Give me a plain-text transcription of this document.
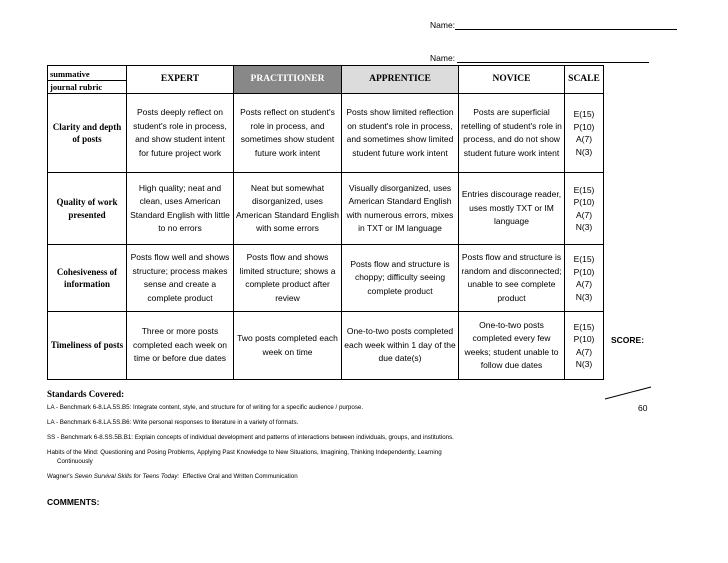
Name:
Name:
summative
journal rubric	EXPERT	PRACTITIONER	APPRENTICE	NOVICE	SCALE
Clarity and depth of posts	Posts deeply reflect on student's role in process, and show student intent for future project work	Posts reflect on student's role in process, and sometimes show student future work intent	Posts show limited reflection on student's role in process, and sometimes show limited student future work intent	Posts are superficial retelling of student's role in process, and do not show student future work intent	E(15)
P(10)
A(7)
N(3)

Quality of work presented	High quality; neat and clean, uses American Standard English with little to no errors	Neat but somewhat disorganized, uses American Standard English with some errors	Visually disorganized, uses American Standard English with numerous errors, mixes in TXT or IM language	Entries discourage reader, uses mostly TXT or IM language	E(15)
P(10)
A(7)
N(3)

Cohesiveness of information	Posts flow well and shows structure; process makes sense and create a complete product	Posts flow and shows limited structure; shows a complete product after review	Posts flow and structure is choppy; difficulty seeing complete product	Posts flow and structure is random and disconnected; unable to see complete product	E(15)
P(10)
A(7)
N(3)

Timeliness of posts	Three or more posts completed each week on time or before due dates	Two posts completed each week on time	One-to-two posts completed each week within 1 day of the due date(s)	One-to-two posts completed every few weeks; student unable to follow due dates	E(15)
P(10)
A(7)
N(3)
SCORE:
60
Standards Covered:
LA - Benchmark 6-8.LA.5S.B5: Integrate content, style, and structure for of writing for a specific audience / purpose.
LA - Benchmark 6-8.LA.5S.B6: Write personal responses to literature in a variety of formats.
SS - Benchmark 6-8.SS.5B.B1: Explain concepts of individual development and patterns of interactions between individuals, groups, and institutions.
Habits of the Mind: Questioning and Posing Problems, Applying Past Knowledge to New Situations, Imagining, Thinking Independently, Learning
Continuously
Wagner's Seven Survival Skills for Teens Today:  Effective Oral and Written Communication
COMMENTS:
